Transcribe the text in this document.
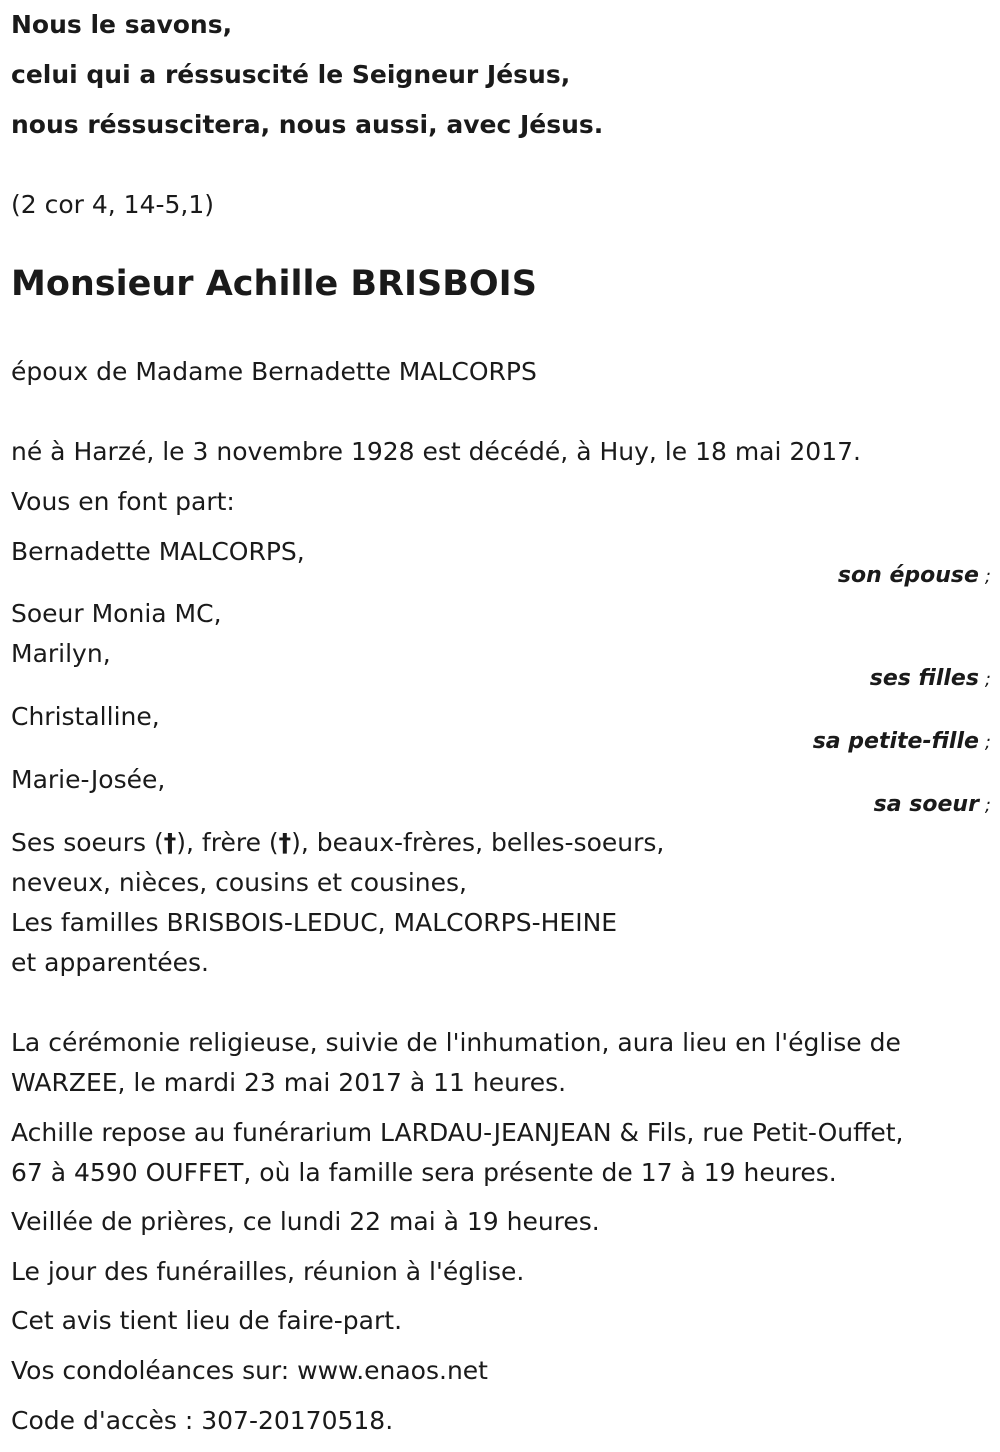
Nous le savons,
celui qui a réssuscité le Seigneur Jésus,
nous réssuscitera, nous aussi, avec Jésus.
(2 cor 4, 14-5,1)
Monsieur Achille BRISBOIS
époux de Madame Bernadette MALCORPS
né à Harzé, le 3 novembre 1928 est décédé, à Huy, le 18 mai 2017.
Vous en font part:
Bernadette MALCORPS,
son épouse ;
Soeur Monia MC,
Marilyn,
ses filles ;
Christalline,
sa petite-fille ;
Marie-Josée,
sa soeur ;
Ses soeurs (†), frère (†), beaux-frères, belles-soeurs,
neveux, nièces, cousins et cousines,
Les familles BRISBOIS-LEDUC, MALCORPS-HEINE
et apparentées.
La cérémonie religieuse, suivie de l'inhumation, aura lieu en l'église de
WARZEE, le mardi 23 mai 2017 à 11 heures.
Achille repose au funérarium LARDAU-JEANJEAN & Fils, rue Petit-Ouffet,
67 à 4590 OUFFET, où la famille sera présente de 17 à 19 heures.
Veillée de prières, ce lundi 22 mai à 19 heures.
Le jour des funérailles, réunion à l'église.
Cet avis tient lieu de faire-part.
Vos condoléances sur: www.enaos.net
Code d'accès : 307-20170518.
